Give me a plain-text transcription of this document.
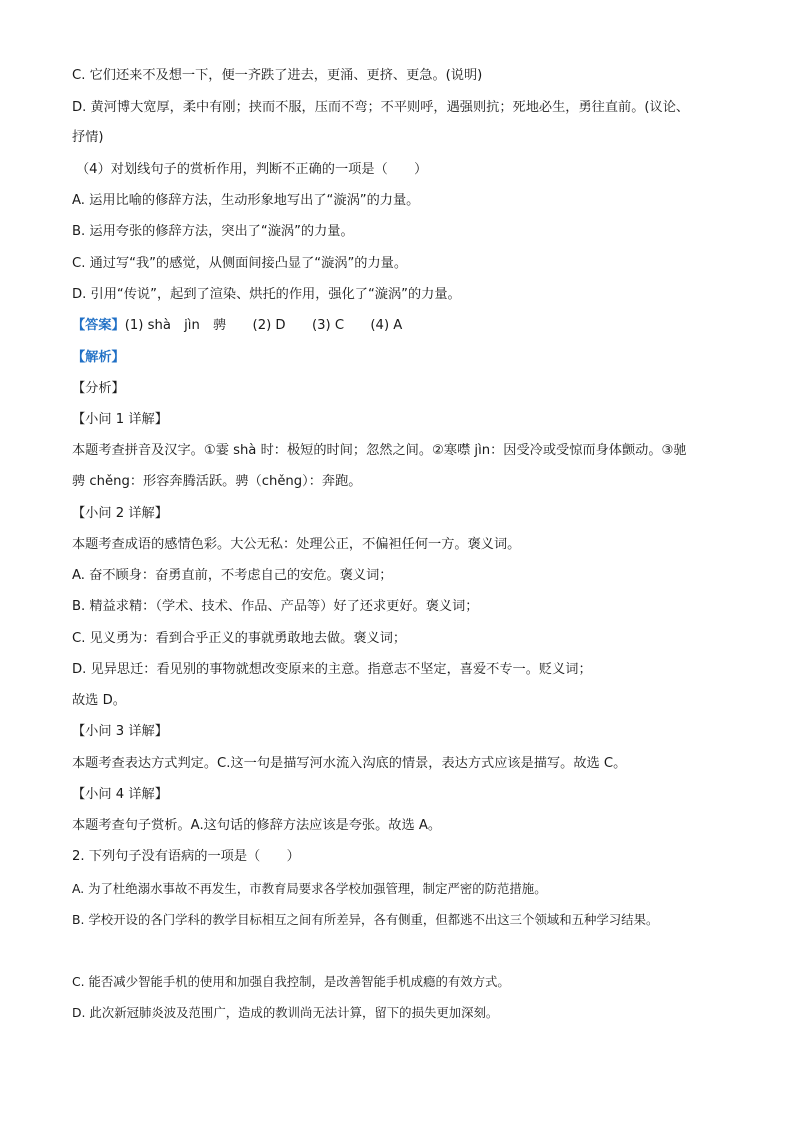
C. 它们还来不及想一下，便一齐跌了进去，更涌、更挤、更急。(说明)
D. 黄河博大宽厚，柔中有刚；挟而不服，压而不弯；不平则呼，遇强则抗；死地必生，勇往直前。(议论、
抒情)
（4）对划线句子的赏析作用，判断不正确的一项是（　　）
A. 运用比喻的修辞方法，生动形象地写出了“漩涡”的力量。
B. 运用夸张的修辞方法，突出了“漩涡”的力量。
C. 通过写“我”的感觉，从侧面间接凸显了“漩涡”的力量。
D. 引用“传说”，起到了渲染、烘托的作用，强化了“漩涡”的力量。
【答案】(1) shà　jìn　骋　　(2) D　　(3) C　　(4) A
【解析】
【分析】
【小问 1 详解】
本题考查拼音及汉字。①霎 shà 时：极短的时间；忽然之间。②寒噤 jìn：因受冷或受惊而身体颤动。③驰
骋 chěng：形容奔腾活跃。骋（chěng）：奔跑。
【小问 2 详解】
本题考查成语的感情色彩。大公无私：处理公正，不偏袒任何一方。褒义词。
A. 奋不顾身：奋勇直前，不考虑自己的安危。褒义词；
B. 精益求精：（学术、技术、作品、产品等）好了还求更好。褒义词；
C. 见义勇为：看到合乎正义的事就勇敢地去做。褒义词；
D. 见异思迁：看见别的事物就想改变原来的主意。指意志不坚定，喜爱不专一。贬义词；
故选 D。
【小问 3 详解】
本题考查表达方式判定。C.这一句是描写河水流入沟底的情景，表达方式应该是描写。故选 C。
【小问 4 详解】
本题考查句子赏析。A.这句话的修辞方法应该是夸张。故选 A。
2. 下列句子没有语病的一项是（　　）
A. 为了杜绝溺水事故不再发生，市教育局要求各学校加强管理，制定严密的防范措施。
B. 学校开设的各门学科的教学目标相互之间有所差异，各有侧重，但都逃不出这三个领域和五种学习结果。
C. 能否减少智能手机的使用和加强自我控制，是改善智能手机成瘾的有效方式。
D. 此次新冠肺炎波及范围广，造成的教训尚无法计算，留下的损失更加深刻。
